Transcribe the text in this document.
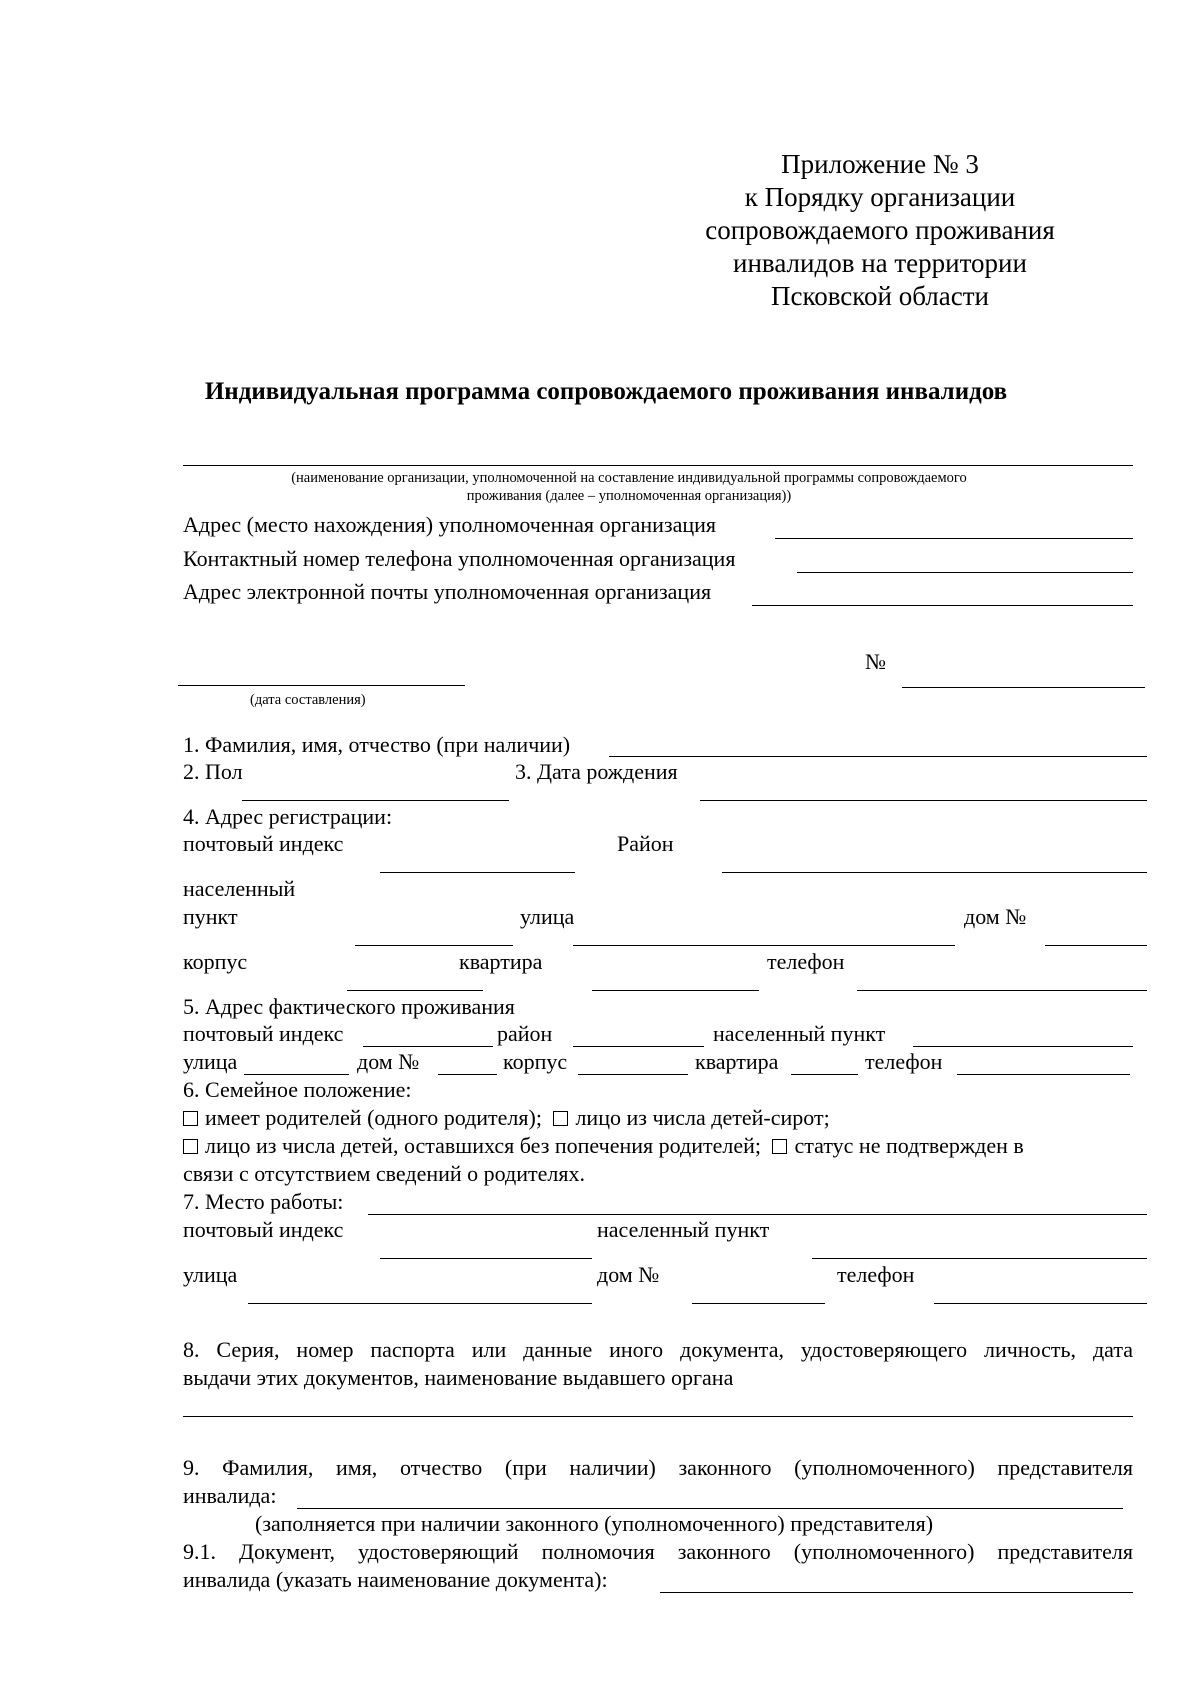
Приложение № 3
к Порядку организации
сопровождаемого проживания
инвалидов на территории
Псковской области
Индивидуальная программа сопровождаемого проживания инвалидов
(наименование организации, уполномоченной на составление индивидуальной программы сопровождаемого
проживания (далее – уполномоченная организация))
Адрес (место нахождения) уполномоченная организация
Контактный номер телефона уполномоченная организация
Адрес электронной почты уполномоченная организация
№
(дата составления)
1. Фамилия, имя, отчество (при наличии)
2. Пол	3. Дата рождения
4. Адрес регистрации:
почтовый индекс	Район
населенный
пункт	улица	дом №
корпус	квартира	телефон
5. Адрес фактического проживания
почтовый индекс	район	населенный пункт
улица	дом №	корпус	квартира	телефон
6. Семейное положение:
имеет родителей (одного родителя); лицо из числа детей-сирот;
лицо из числа детей, оставшихся без попечения родителей; статус не подтвержден в
связи с отсутствием сведений о родителях.
7. Место работы:
почтовый индекс	населенный пункт
улица	дом №	телефон
8. Серия, номер паспорта или данные иного документа, удостоверяющего личность, дата
выдачи этих документов, наименование выдавшего органа
9. Фамилия, имя, отчество (при наличии) законного (уполномоченного) представителя
инвалида:
(заполняется при наличии законного (уполномоченного) представителя)
9.1. Документ, удостоверяющий полномочия законного (уполномоченного) представителя
инвалида (указать наименование документа):
